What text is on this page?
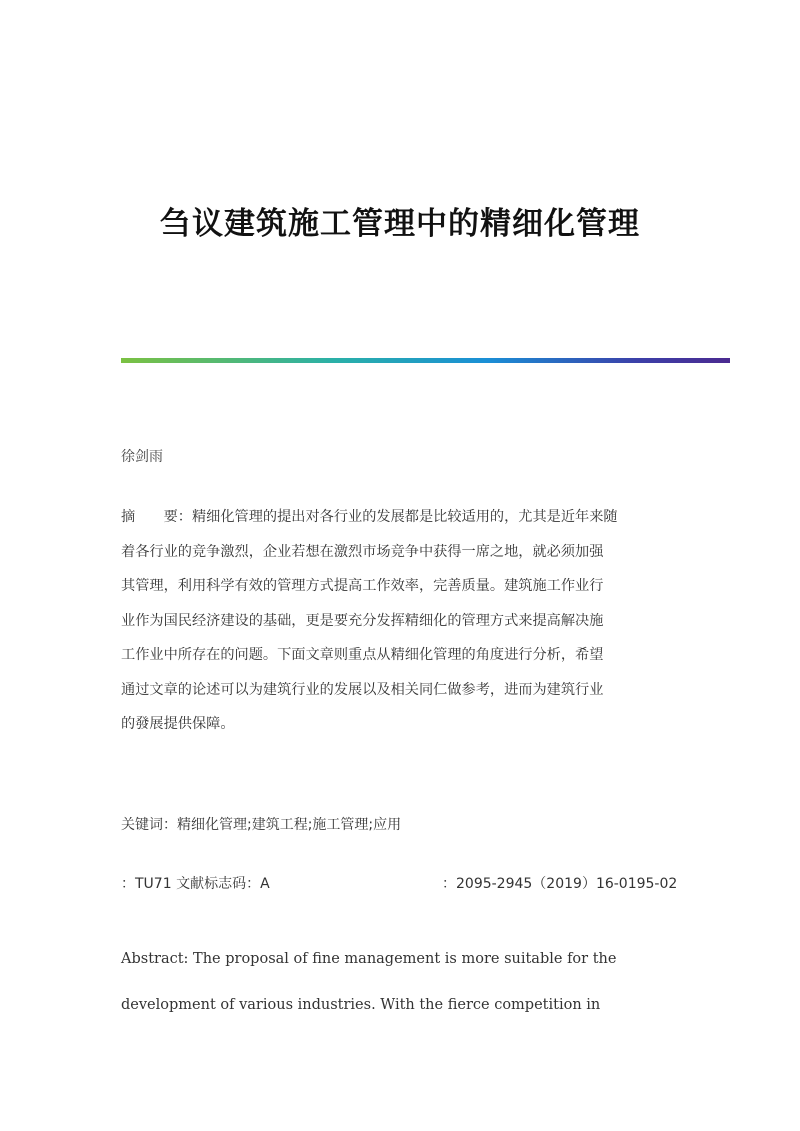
刍议建筑施工管理中的精细化管理
徐剑雨
摘　　要：精细化管理的提出对各行业的发展都是比较适用的，尤其是近年来随
着各行业的竞争激烈，企业若想在激烈市场竞争中获得一席之地，就必须加强
其管理，利用科学有效的管理方式提高工作效率，完善质量。建筑施工作业行
业作为国民经济建设的基础，更是要充分发挥精细化的管理方式来提高解决施
工作业中所存在的问题。下面文章则重点从精细化管理的角度进行分析，希望
通过文章的论述可以为建筑行业的发展以及相关同仁做参考，进而为建筑行业
的發展提供保障。
关键词：精细化管理;建筑工程;施工管理;应用
：TU71 文献标志码：A	：2095-2945（2019）16-0195-02
Abstract: The proposal of fine management is more suitable for the
development of various industries. With the fierce competition in
